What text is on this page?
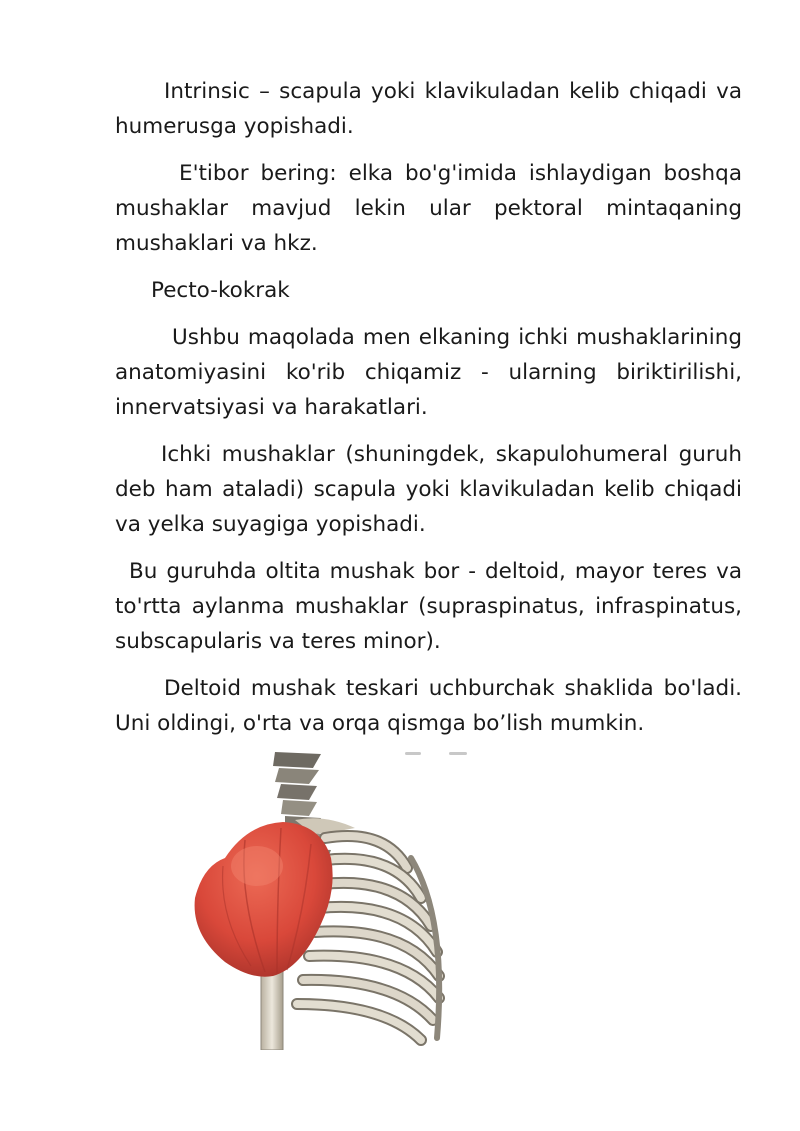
Intrinsic – scapula yoki klavikuladan kelib chiqadi va humerusga yopishadi.

E'tibor bering: elka bo'g'imida ishlaydigan boshqa mushaklar mavjud lekin ular pektoral mintaqaning mushaklari va hkz.

Pecto-kokrak

Ushbu maqolada men elkaning ichki mushaklarining anatomiyasini ko'rib chiqamiz - ularning biriktirilishi, innervatsiyasi va harakatlari.

Ichki mushaklar (shuningdek, skapulohumeral guruh deb ham ataladi) scapula yoki klavikuladan kelib chiqadi va yelka suyagiga yopishadi.

Bu guruhda oltita mushak bor - deltoid, mayor teres va to'rtta aylanma mushaklar (supraspinatus, infraspinatus, subscapularis va teres minor).

Deltoid mushak teskari uchburchak shaklida bo'ladi. Uni oldingi, o'rta va orqa qismga bo’lish mumkin.
